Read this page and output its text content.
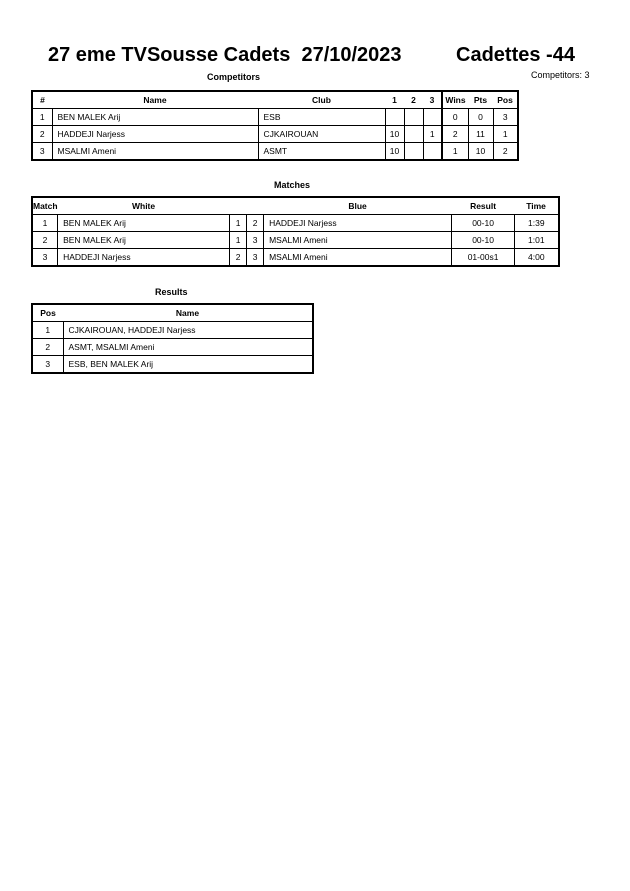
27 eme TVSousse Cadets  27/10/2023	Cadettes -44
Competitors	Competitors: 3
#	Name	Club	1	2	3	Wins	Pts	Pos
1	BEN MALEK Arij	ESB				0	0	3
2	HADDEJI Narjess	CJKAIROUAN	10		1	2	11	1
3	MSALMI Ameni	ASMT	10			1	10	2
Matches
Match	White			Blue	Result	Time
1	BEN MALEK Arij	1	2	HADDEJI Narjess	00-10	1:39
2	BEN MALEK Arij	1	3	MSALMI Ameni	00-10	1:01
3	HADDEJI Narjess	2	3	MSALMI Ameni	01-00s1	4:00
Results
Pos	Name
1	CJKAIROUAN, HADDEJI Narjess
2	ASMT, MSALMI Ameni
3	ESB, BEN MALEK Arij
